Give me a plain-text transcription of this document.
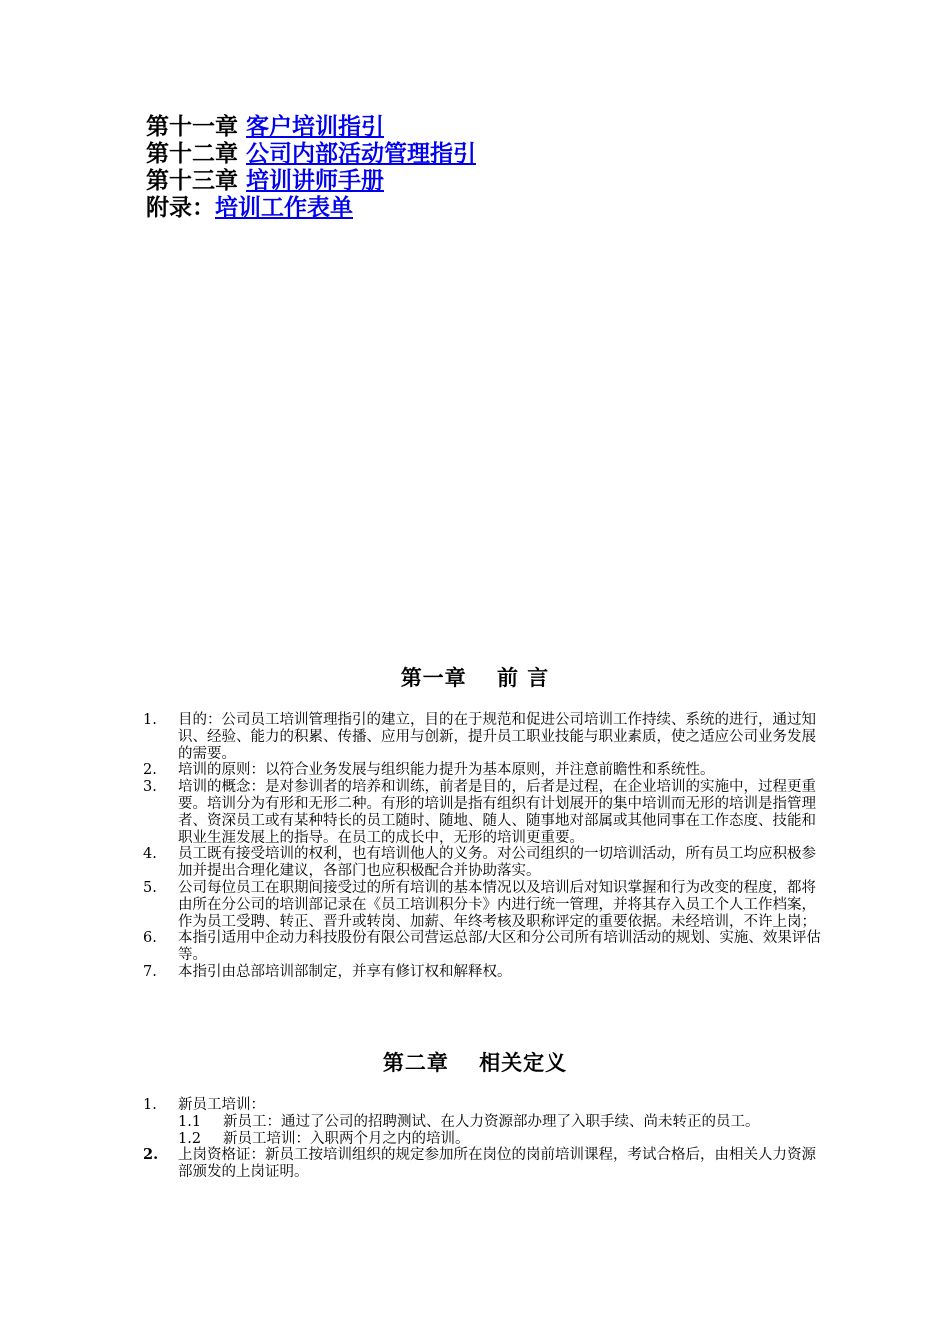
第十一章 客户培训指引
第十二章 公司内部活动管理指引
第十三章 培训讲师手册
附录：培训工作表单
第一章　 前 言
1. 目的：公司员工培训管理指引的建立，目的在于规范和促进公司培训工作持续、系统的进行，通过知识、经验、能力的积累、传播、应用与创新，提升员工职业技能与职业素质，使之适应公司业务发展的需要。
2. 培训的原则：以符合业务发展与组织能力提升为基本原则，并注意前瞻性和系统性。
3. 培训的概念：是对参训者的培养和训练，前者是目的，后者是过程，在企业培训的实施中，过程更重要。培训分为有形和无形二种。有形的培训是指有组织有计划展开的集中培训而无形的培训是指管理者、资深员工或有某种特长的员工随时、随地、随人、随事地对部属或其他同事在工作态度、技能和职业生涯发展上的指导。在员工的成长中，无形的培训更重要。
4. 员工既有接受培训的权利，也有培训他人的义务。对公司组织的一切培训活动，所有员工均应积极参加并提出合理化建议，各部门也应积极配合并协助落实。
5. 公司每位员工在职期间接受过的所有培训的基本情况以及培训后对知识掌握和行为改变的程度，都将由所在分公司的培训部记录在《员工培训积分卡》内进行统一管理，并将其存入员工个人工作档案，作为员工受聘、转正、晋升或转岗、加薪、年终考核及职称评定的重要依据。未经培训，不许上岗；
6. 本指引适用中企动力科技股份有限公司营运总部/大区和分公司所有培训活动的规划、实施、效果评估等。
7. 本指引由总部培训部制定，并享有修订权和解释权。
第二章　 相关定义
1. 新员工培训：
1.1 新员工：通过了公司的招聘测试、在人力资源部办理了入职手续、尚未转正的员工。
1.2 新员工培训：入职两个月之内的培训。
2. 上岗资格证：新员工按培训组织的规定参加所在岗位的岗前培训课程，考试合格后，由相关人力资源部颁发的上岗证明。
